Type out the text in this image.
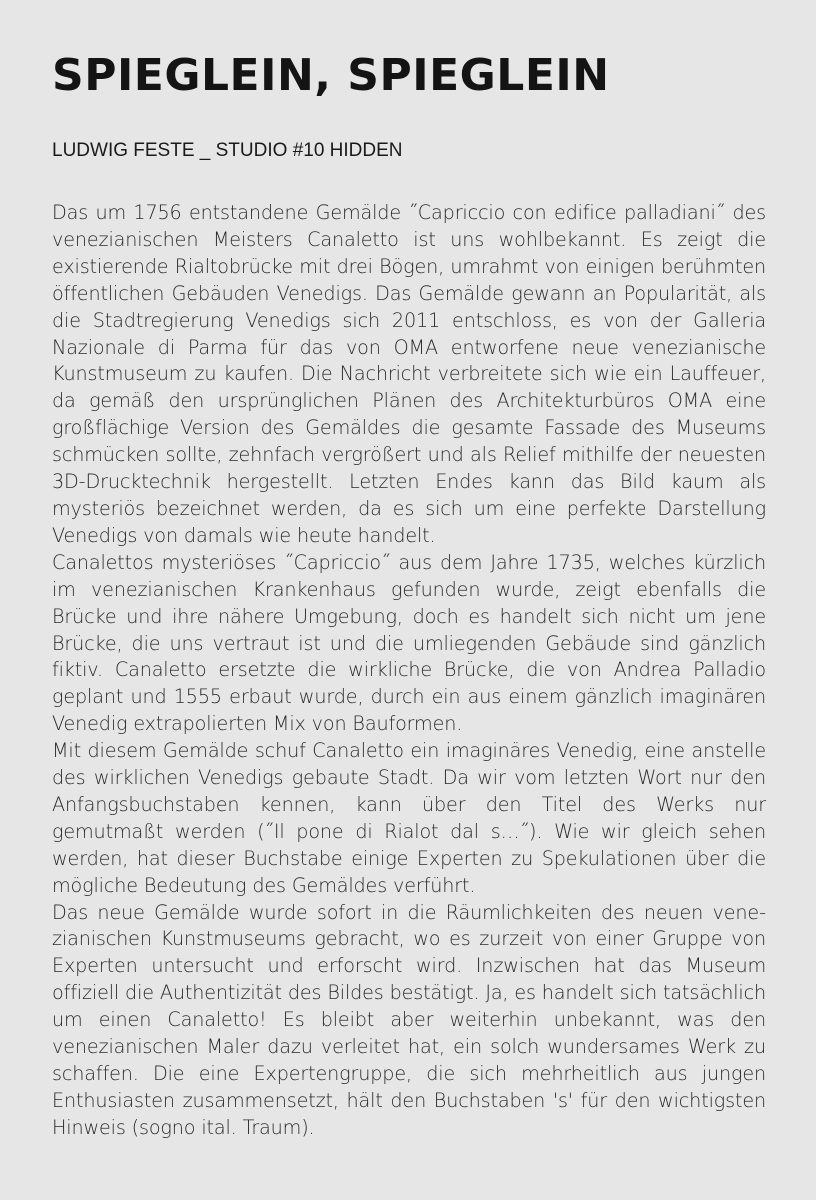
SPIEGLEIN, SPIEGLEIN
LUDWIG FESTE _ STUDIO #10 HIDDEN

Das um 1756 entstandene Gemälde ˝Capriccio con edifice palladiani˝ des venezianischen Meisters Canaletto ist uns wohlbekannt. Es zeigt die existierende Rialtobrücke mit drei Bögen, umrahmt von einigen berühmten öffentlichen Gebäuden Venedigs. Das Gemälde gewann an Popularität, als die Stadtregierung Venedigs sich 2011 entschloss, es von der Galleria Nazionale di Parma für das von OMA entworfene neue venezianische Kunstmuseum zu kaufen. Die Nachricht verbreitete sich wie ein Lauffeuer, da gemäß den ursprünglichen Plänen des Architekturbüros OMA eine großflächige Version des Gemäldes die gesamte Fassade des Museums schmücken sollte, zehnfach vergrößert und als Relief mithilfe der neuesten 3D-Drucktechnik hergestellt. Letzten Endes kann das Bild kaum als mysteriös bezeichnet werden, da es sich um eine perfekte Darstellung Venedigs von damals wie heute handelt.

Canalettos mysteriöses ˝Capriccio˝ aus dem Jahre 1735, welches kürzlich im venezianischen Krankenhaus gefunden wurde, zeigt ebenfalls die Brücke und ihre nähere Umgebung, doch es handelt sich nicht um jene Brücke, die uns vertraut ist und die umliegenden Gebäude sind gänzlich fiktiv. Canaletto ersetzte die wirkliche Brücke, die von Andrea Palladio geplant und 1555 erbaut wurde, durch ein aus einem gänzlich imaginären Venedig extrapolierten Mix von Bauformen.

Mit diesem Gemälde schuf Canaletto ein imaginäres Venedig, eine anstelle des wirklichen Venedigs gebaute Stadt. Da wir vom letzten Wort nur den Anfangsbuchstaben kennen, kann über den Titel des Werks nur gemutmaßt werden (˝Il pone di Rialot dal s…˝). Wie wir gleich sehen werden, hat dieser Buchstabe einige Experten zu Spekulationen über die mögliche Bedeutung des Gemäldes verführt.

Das neue Gemälde wurde sofort in die Räumlichkeiten des neuen venezianischen Kunstmuseums gebracht, wo es zurzeit von einer Gruppe von Experten untersucht und erforscht wird. Inzwischen hat das Museum offiziell die Authentizität des Bildes bestätigt. Ja, es handelt sich tatsächlich um einen Canaletto! Es bleibt aber weiterhin unbekannt, was den venezianischen Maler dazu verleitet hat, ein solch wundersames Werk zu schaffen. Die eine Expertengruppe, die sich mehrheitlich aus jungen Enthusiasten zusammensetzt, hält den Buchstaben 's' für den wichtigsten Hinweis (sogno ital. Traum).
